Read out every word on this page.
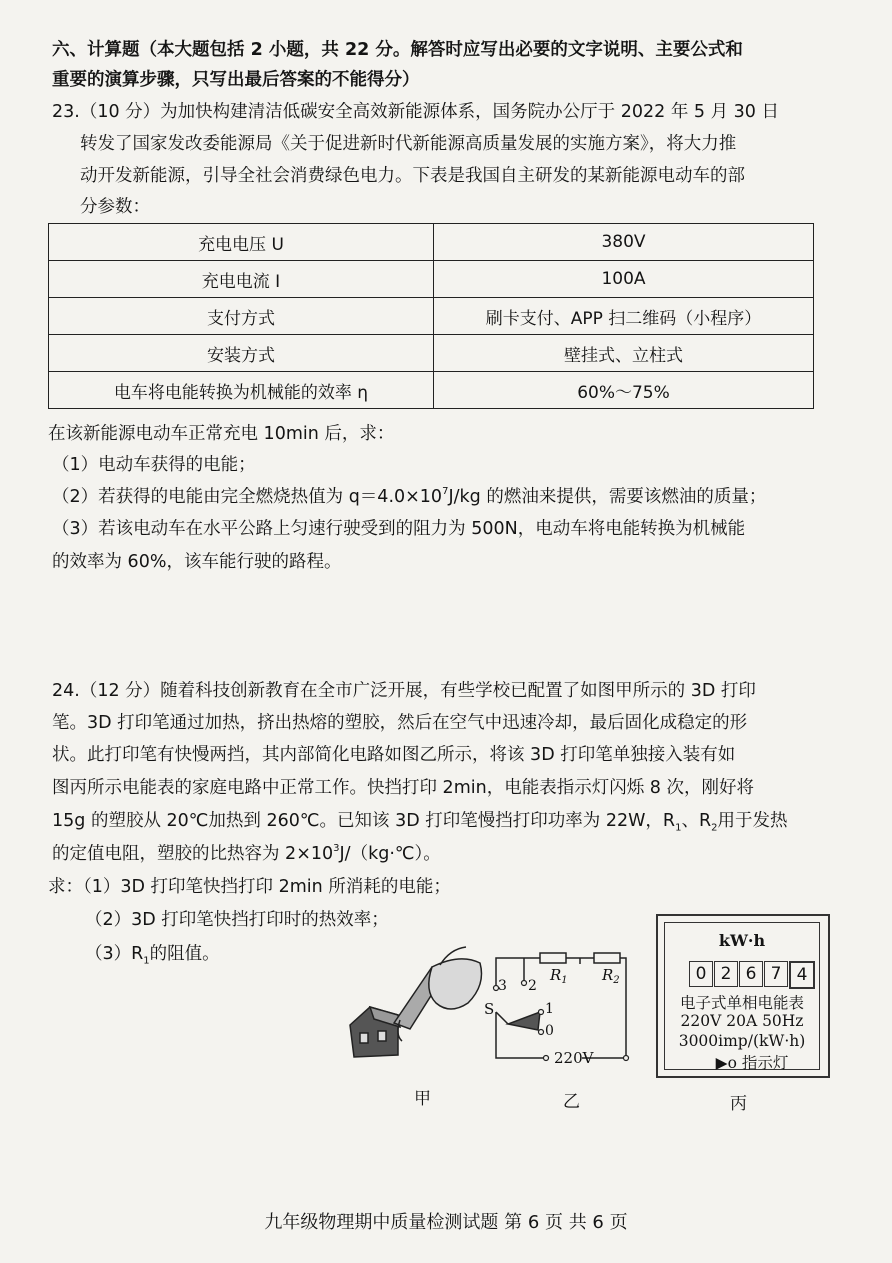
六、计算题（本大题包括 2 小题，共 22 分。解答时应写出必要的文字说明、主要公式和
重要的演算步骤，只写出最后答案的不能得分）
23.（10 分）为加快构建清洁低碳安全高效新能源体系，国务院办公厅于 2022 年 5 月 30 日
转发了国家发改委能源局《关于促进新时代新能源高质量发展的实施方案》，将大力推
动开发新能源，引导全社会消费绿色电力。下表是我国自主研发的某新能源电动车的部
分参数：
充电电压 U	380V
充电电流 I	100A
支付方式	刷卡支付、APP 扫二维码（小程序）
安装方式	壁挂式、立柱式
电车将电能转换为机械能的效率 η	60%～75%
在该新能源电动车正常充电 10min 后，求：
（1）电动车获得的电能；
（2）若获得的电能由完全燃烧热值为 $q=4.0\times 10^7J/kg$ 的燃油来提供，需要该燃油的质量；
（3）若该电动车在水平公路上匀速行驶受到的阻力为 500N，电动车将电能转换为机械能
的效率为 60%，该车能行驶的路程。
24.（12 分）随着科技创新教育在全市广泛开展，有些学校已配置了如图甲所示的 3D 打印
笔。3D 打印笔通过加热，挤出热熔的塑胶，然后在空气中迅速冷却，最后固化成稳定的形
状。此打印笔有快慢两挡，其内部简化电路如图乙所示，将该 3D 打印笔单独接入装有如
图丙所示电能表的家庭电路中正常工作。快挡打印 2min，电能表指示灯闪烁 8 次，刚好将
15g 的塑胶从 20℃加热到 260℃。已知该 3D 打印笔慢挡打印功率为 22W，$R_1$、$R_2$用于发热
的定值电阻，塑胶的比热容为 $2\times 10^3J/(kg\cdot℃)$。
求：（1）3D 打印笔快挡打印 2min 所消耗的电能；
（2）3D 打印笔快挡打印时的热效率；
$(3)R_1$的阻值。
甲
3 2
1
0
S
$R_1$ $R_2$
220V
乙
kW·h
0 2 6 7 4
电子式单相电能表
220V 20A 50Hz
3000imp/(kW·h)
▶o 指示灯
丙
九年级物理期中质量检测试题 第 6 页 共 6 页
